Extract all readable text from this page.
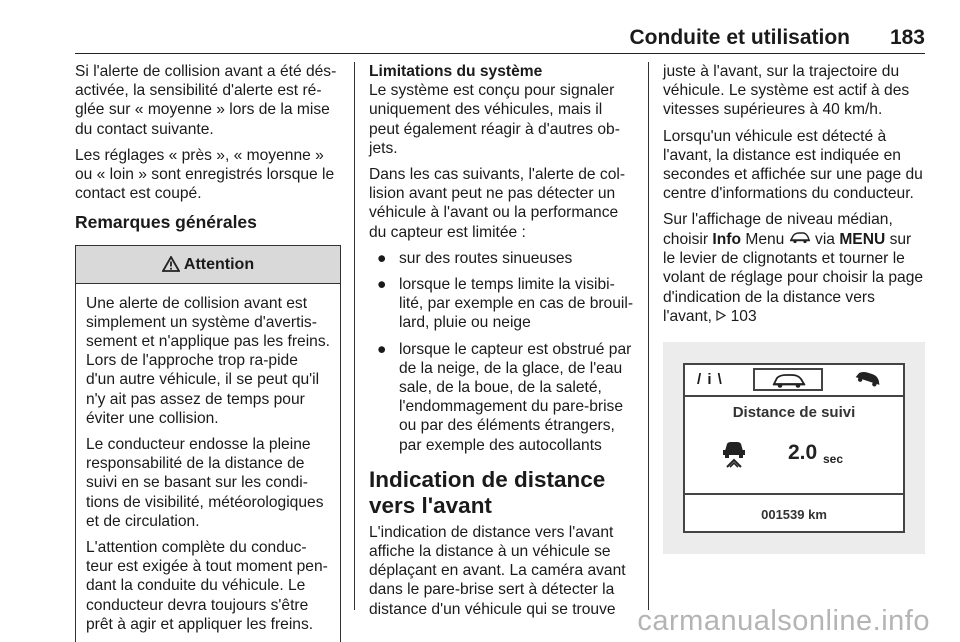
Conduite et utilisation 183

Si l'alerte de collision avant a été dés-activée, la sensibilité d'alerte est ré-glée sur « moyenne » lors de la mise du contact suivante.

Les réglages « près », « moyenne » ou « loin » sont enregistrés lorsque le contact est coupé.

Remarques générales
Attention

Une alerte de collision avant est simplement un système d'avertis-sement et n'applique pas les freins. Lors de l'approche trop ra-pide d'un autre véhicule, il se peut qu'il n'y ait pas assez de temps pour éviter une collision.

Le conducteur endosse la pleine responsabilité de la distance de suivi en se basant sur les condi-tions de visibilité, météorologiques et de circulation.

L'attention complète du conduc-teur est exigée à tout moment pen-dant la conduite du véhicule. Le conducteur devra toujours s'être prêt à agir et appliquer les freins.

Limitations du système

Le système est conçu pour signaler uniquement des véhicules, mais il peut également réagir à d'autres ob-jets.

Dans les cas suivants, l'alerte de col-lision avant peut ne pas détecter un véhicule à l'avant ou la performance du capteur est limitée :

● sur des routes sinueuses
● lorsque le temps limite la visibi-lité, par exemple en cas de brouil-lard, pluie ou neige
● lorsque le capteur est obstrué par de la neige, de la glace, de l'eau sale, de la boue, de la saleté, l'endommagement du pare-brise ou par des éléments étrangers, par exemple des autocollants
Indication de distance vers l'avant

L'indication de distance vers l'avant affiche la distance à un véhicule se déplaçant en avant. La caméra avant dans le pare-brise sert à détecter la distance d'un véhicule qui se trouve

juste à l'avant, sur la trajectoire du véhicule. Le système est actif à des vitesses supérieures à 40 km/h.

Lorsqu'un véhicule est détecté à l'avant, la distance est indiquée en secondes et affichée sur une page du centre d'informations du conducteur.

Sur l'affichage de niveau médian, choisir Info Menu via MENU sur le levier de clignotants et tourner le volant de réglage pour choisir la page d'indication de la distance vers l'avant, 103

/ i \
Distance de suivi
2.0 sec
001539 km
carmanualsonline.info
